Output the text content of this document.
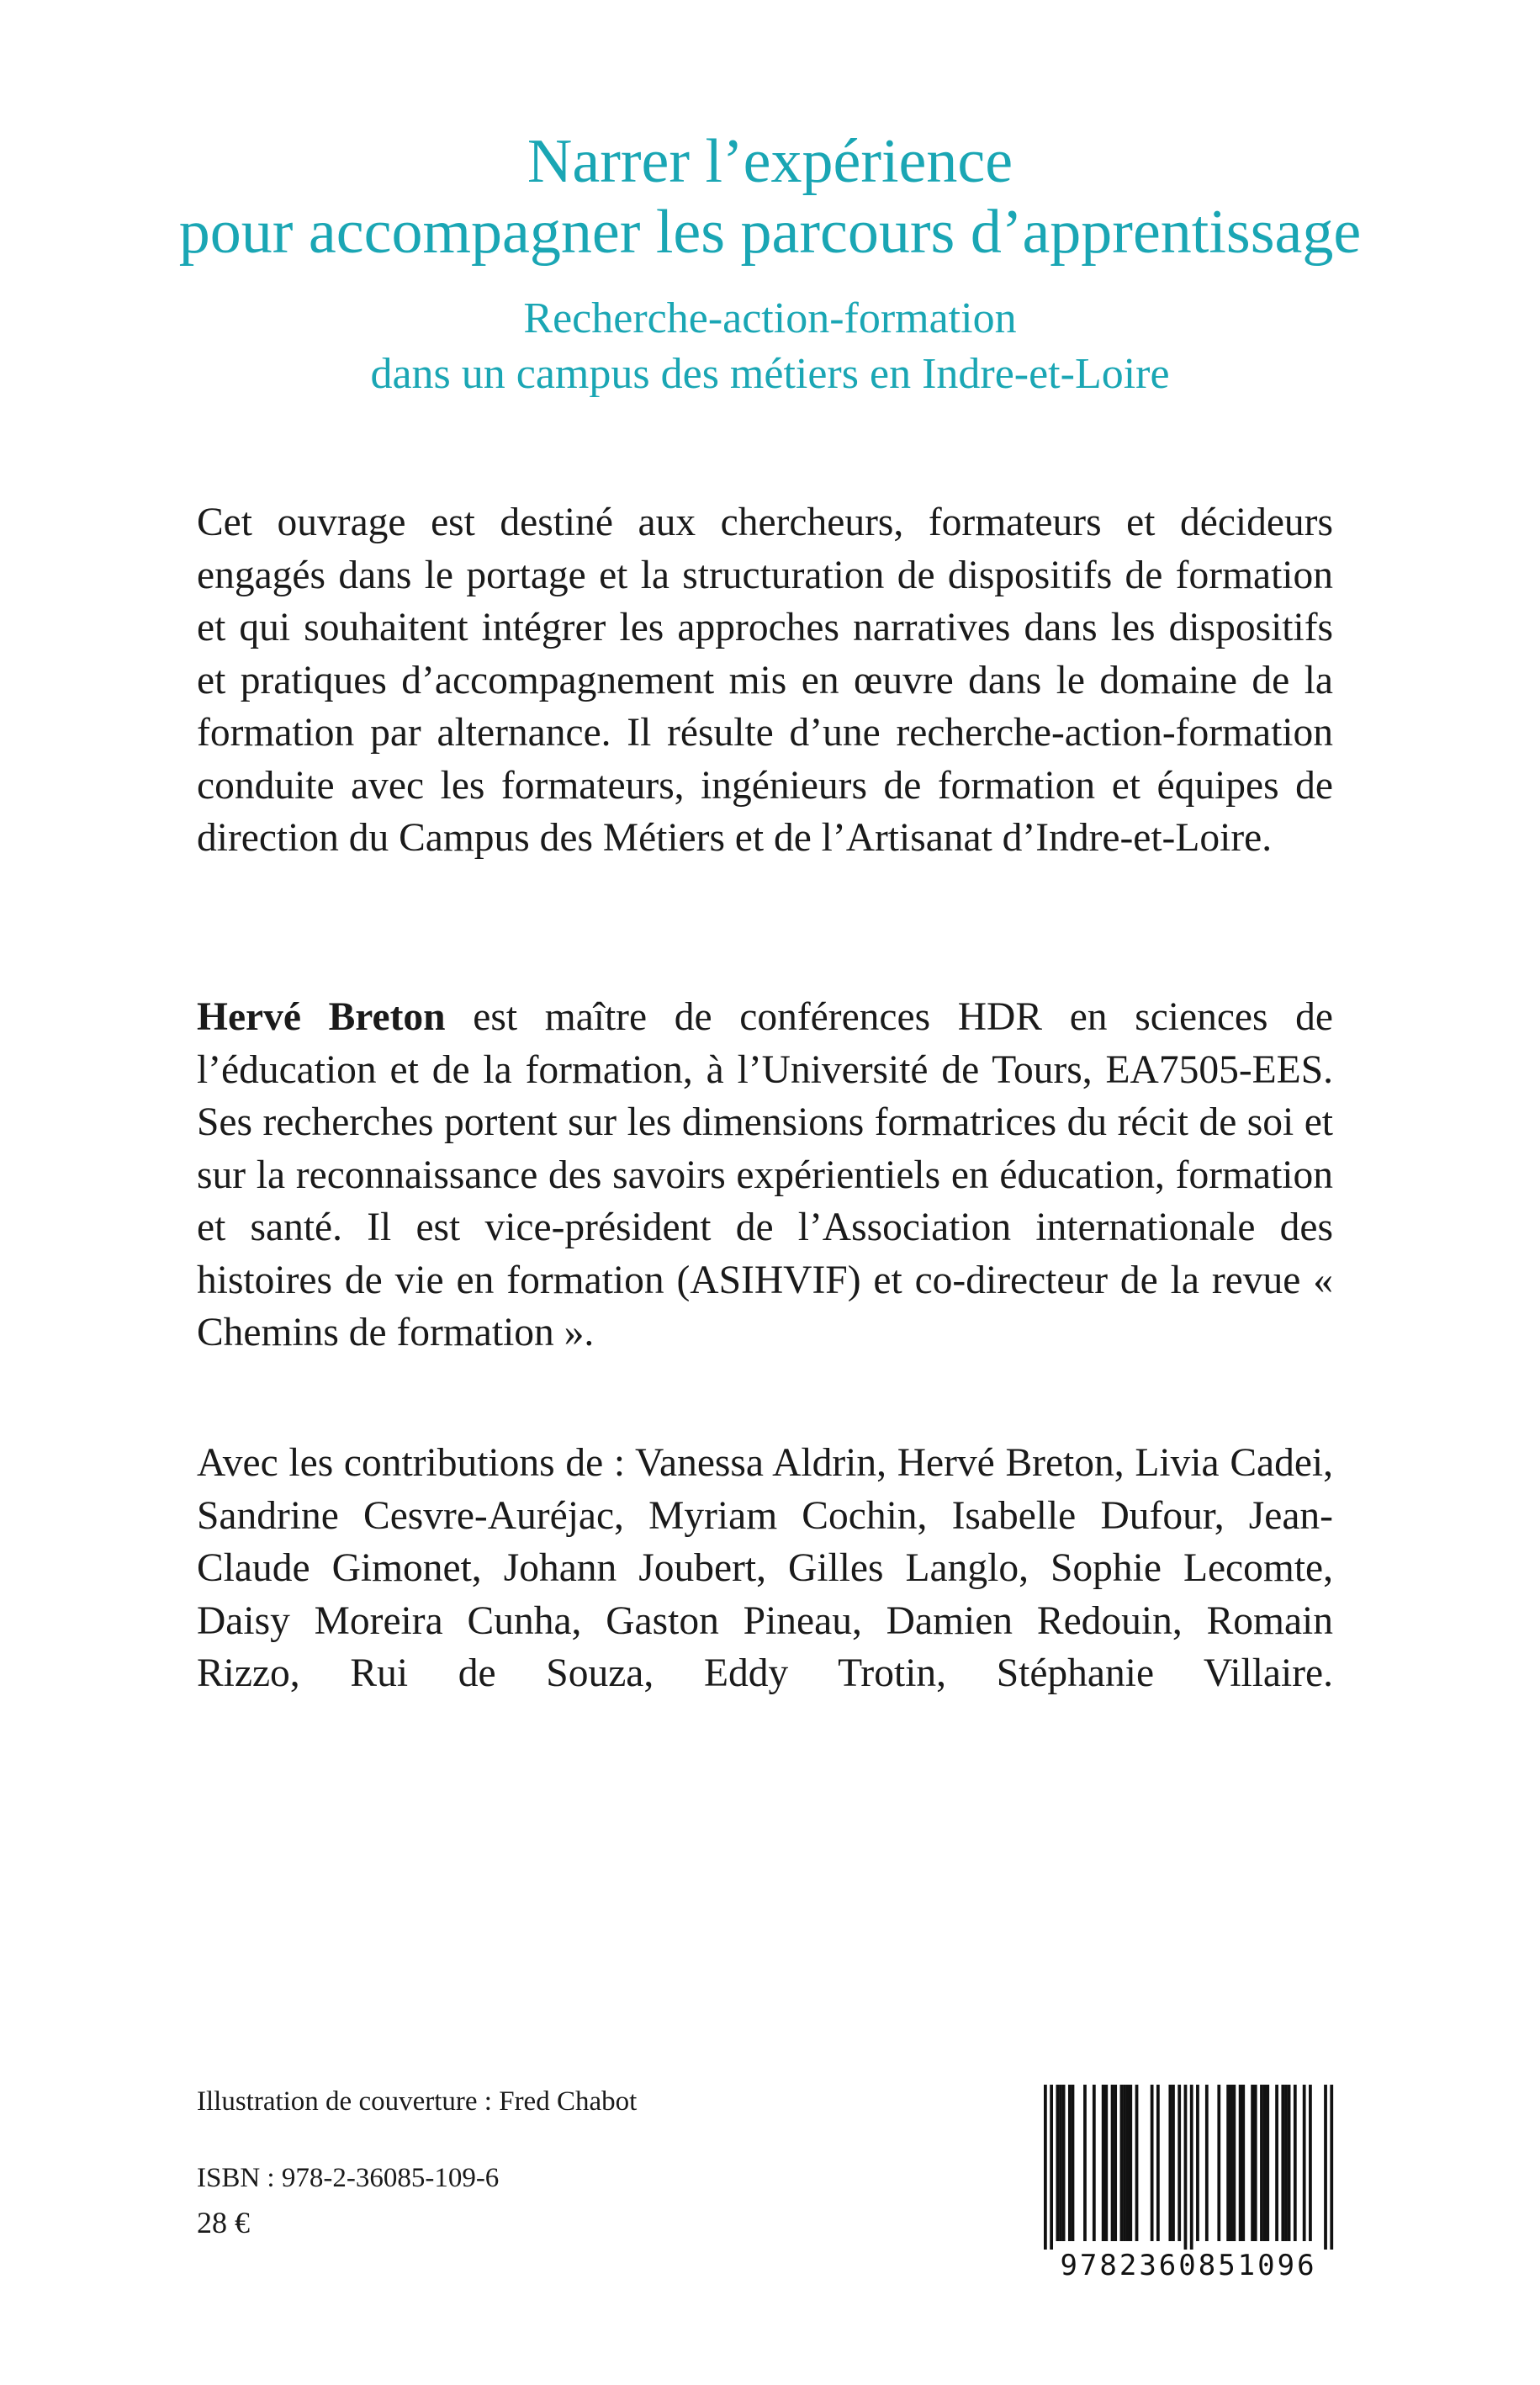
Narrer l’expérience
pour accompagner les parcours d’apprentissage
Recherche-action-formation
dans un campus des métiers en Indre-et-Loire

Cet ouvrage est destiné aux chercheurs, formateurs et décideurs engagés dans le portage et la structuration de dispositifs de formation et qui souhaitent intégrer les approches narratives dans les dispositifs et pratiques d’accompagnement mis en œuvre dans le domaine de la formation par alternance. Il résulte d’une recherche-action-formation conduite avec les formateurs, ingénieurs de formation et équipes de direction du Campus des Métiers et de l’Artisanat d’Indre-et-Loire.

Hervé Breton est maître de conférences HDR en sciences de l’éducation et de la formation, à l’Université de Tours, EA7505-EES. Ses recherches portent sur les dimensions formatrices du récit de soi et sur la reconnaissance des savoirs expérientiels en éducation, formation et santé. Il est vice-président de l’Association internationale des histoires de vie en formation (ASIHVIF) et co-directeur de la revue « Chemins de formation ».

Avec les contributions de : Vanessa Aldrin, Hervé Breton, Livia Cadei, Sandrine Cesvre-Auréjac, Myriam Cochin, Isabelle Dufour, Jean-Claude Gimonet, Johann Joubert, Gilles Langlo, Sophie Lecomte, Daisy Moreira Cunha, Gaston Pineau, Damien Redouin, Romain Rizzo, Rui de Souza, Eddy Trotin, Stéphanie Villaire.

Illustration de couverture : Fred Chabot

ISBN : 978-2-36085-109-6

28 €

9782360851096
